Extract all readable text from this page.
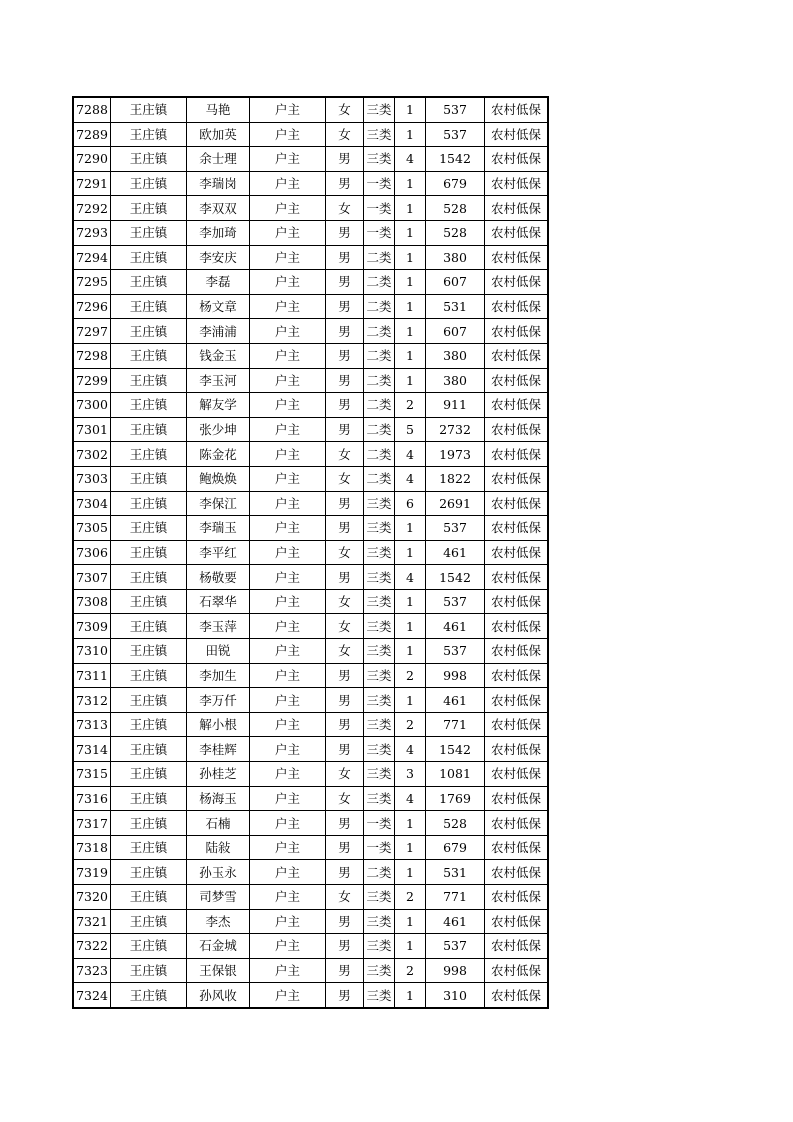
7288	王庄镇	马艳	户主	女	三类	1	537	农村低保
7289	王庄镇	欧加英	户主	女	三类	1	537	农村低保
7290	王庄镇	余士理	户主	男	三类	4	1542	农村低保
7291	王庄镇	李瑞岗	户主	男	一类	1	679	农村低保
7292	王庄镇	李双双	户主	女	一类	1	528	农村低保
7293	王庄镇	李加琦	户主	男	一类	1	528	农村低保
7294	王庄镇	李安庆	户主	男	二类	1	380	农村低保
7295	王庄镇	李磊	户主	男	二类	1	607	农村低保
7296	王庄镇	杨文章	户主	男	二类	1	531	农村低保
7297	王庄镇	李浦浦	户主	男	二类	1	607	农村低保
7298	王庄镇	钱金玉	户主	男	二类	1	380	农村低保
7299	王庄镇	李玉河	户主	男	二类	1	380	农村低保
7300	王庄镇	解友学	户主	男	二类	2	911	农村低保
7301	王庄镇	张少坤	户主	男	二类	5	2732	农村低保
7302	王庄镇	陈金花	户主	女	二类	4	1973	农村低保
7303	王庄镇	鲍焕焕	户主	女	二类	4	1822	农村低保
7304	王庄镇	李保江	户主	男	三类	6	2691	农村低保
7305	王庄镇	李瑞玉	户主	男	三类	1	537	农村低保
7306	王庄镇	李平红	户主	女	三类	1	461	农村低保
7307	王庄镇	杨敬要	户主	男	三类	4	1542	农村低保
7308	王庄镇	石翠华	户主	女	三类	1	537	农村低保
7309	王庄镇	李玉萍	户主	女	三类	1	461	农村低保
7310	王庄镇	田锐	户主	女	三类	1	537	农村低保
7311	王庄镇	李加生	户主	男	三类	2	998	农村低保
7312	王庄镇	李万仟	户主	男	三类	1	461	农村低保
7313	王庄镇	解小根	户主	男	三类	2	771	农村低保
7314	王庄镇	李桂辉	户主	男	三类	4	1542	农村低保
7315	王庄镇	孙桂芝	户主	女	三类	3	1081	农村低保
7316	王庄镇	杨海玉	户主	女	三类	4	1769	农村低保
7317	王庄镇	石楠	户主	男	一类	1	528	农村低保
7318	王庄镇	陆敍	户主	男	一类	1	679	农村低保
7319	王庄镇	孙玉永	户主	男	二类	1	531	农村低保
7320	王庄镇	司梦雪	户主	女	三类	2	771	农村低保
7321	王庄镇	李杰	户主	男	三类	1	461	农村低保
7322	王庄镇	石金城	户主	男	三类	1	537	农村低保
7323	王庄镇	王保银	户主	男	三类	2	998	农村低保
7324	王庄镇	孙风收	户主	男	三类	1	310	农村低保
